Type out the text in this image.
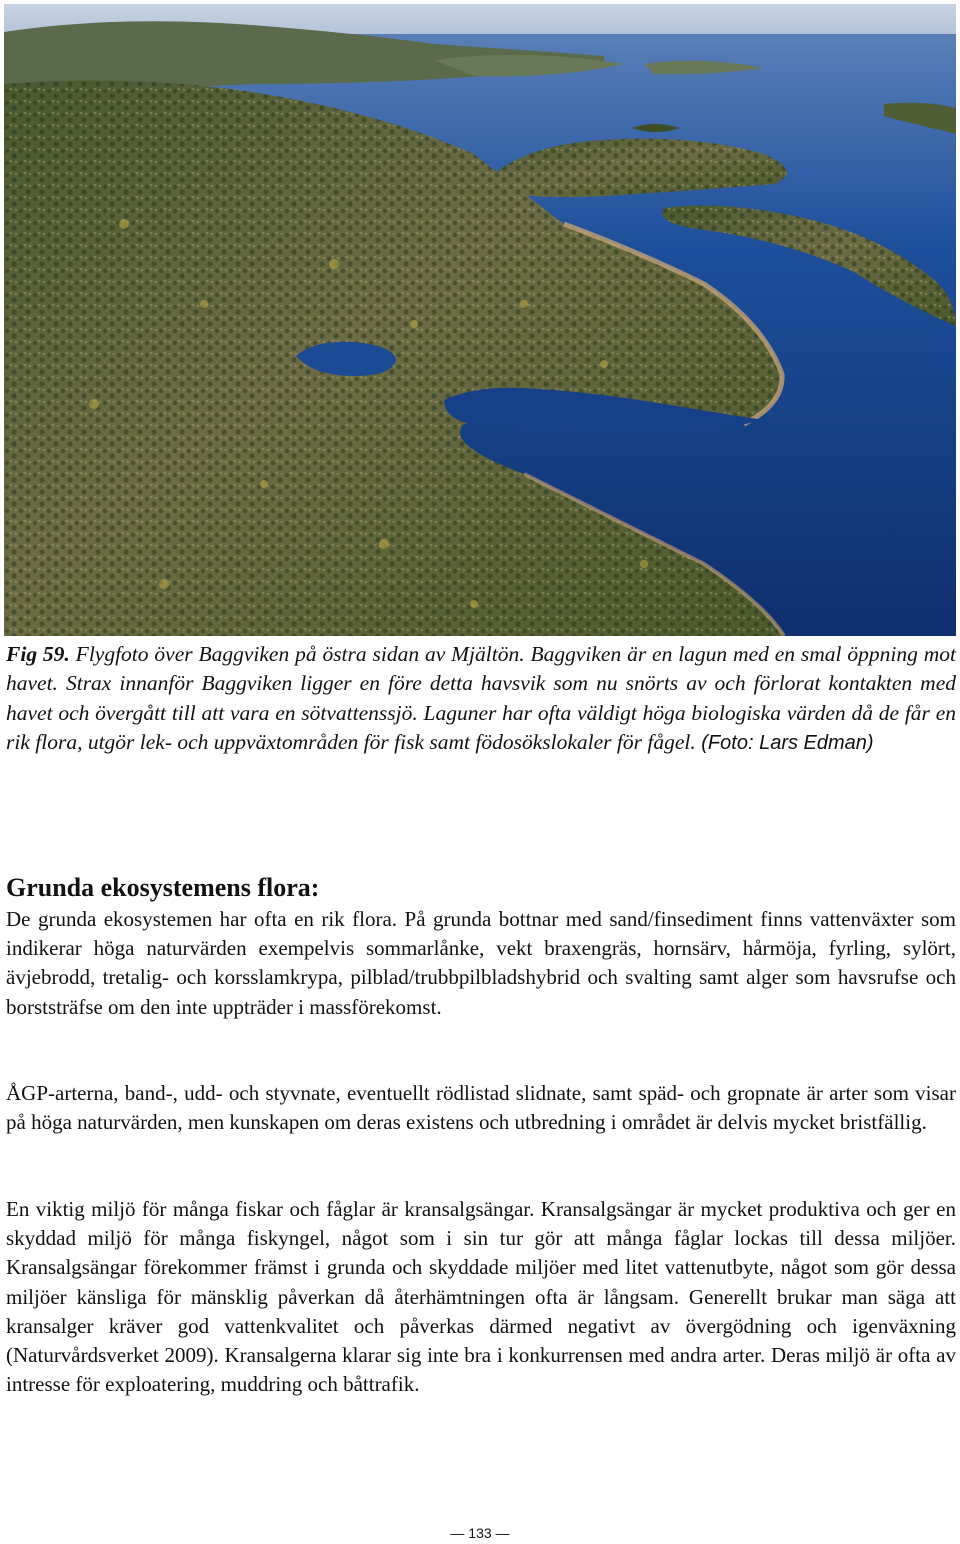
Fig 59. Flygfoto över Baggviken på östra sidan av Mjältön. Baggviken är en lagun med en smal öppning mot havet. Strax innanför Baggviken ligger en före detta havsvik som nu snörts av och förlorat kontakten med havet och övergått till att vara en sötvattenssjö. Laguner har ofta väldigt höga biologiska värden då de får en rik flora, utgör lek- och uppväxtområden för fisk samt födosökslokaler för fågel. (Foto: Lars Edman)

Grunda ekosystemens flora:

De grunda ekosystemen har ofta en rik flora. På grunda bottnar med sand/finsediment finns vattenväxter som indikerar höga naturvärden exempelvis sommarlånke, vekt braxengräs, hornsärv, hårmöja, fyrling, sylört, ävjebrodd, tretalig- och korsslamkrypa, pilblad/trubbpilbladshybrid och svalting samt alger som havsrufse och borststräfse om den inte uppträder i massförekomst.

ÅGP-arterna, band-, udd- och styvnate, eventuellt rödlistad slidnate, samt späd- och gropnate är arter som visar på höga naturvärden, men kunskapen om deras existens och utbredning i området är delvis mycket bristfällig.

En viktig miljö för många fiskar och fåglar är kransalgsängar. Kransalgsängar är mycket produktiva och ger en skyddad miljö för många fiskyngel, något som i sin tur gör att många fåglar lockas till dessa miljöer. Kransalgsängar förekommer främst i grunda och skyddade miljöer med litet vattenutbyte, något som gör dessa miljöer känsliga för mänsklig påverkan då återhämtningen ofta är långsam. Generellt brukar man säga att kransalger kräver god vattenkvalitet och påverkas därmed negativt av övergödning och igenväxning (Naturvårdsverket 2009). Kransalgerna klarar sig inte bra i konkurrensen med andra arter. Deras miljö är ofta av intresse för exploatering, muddring och båttrafik.

— 133 —
